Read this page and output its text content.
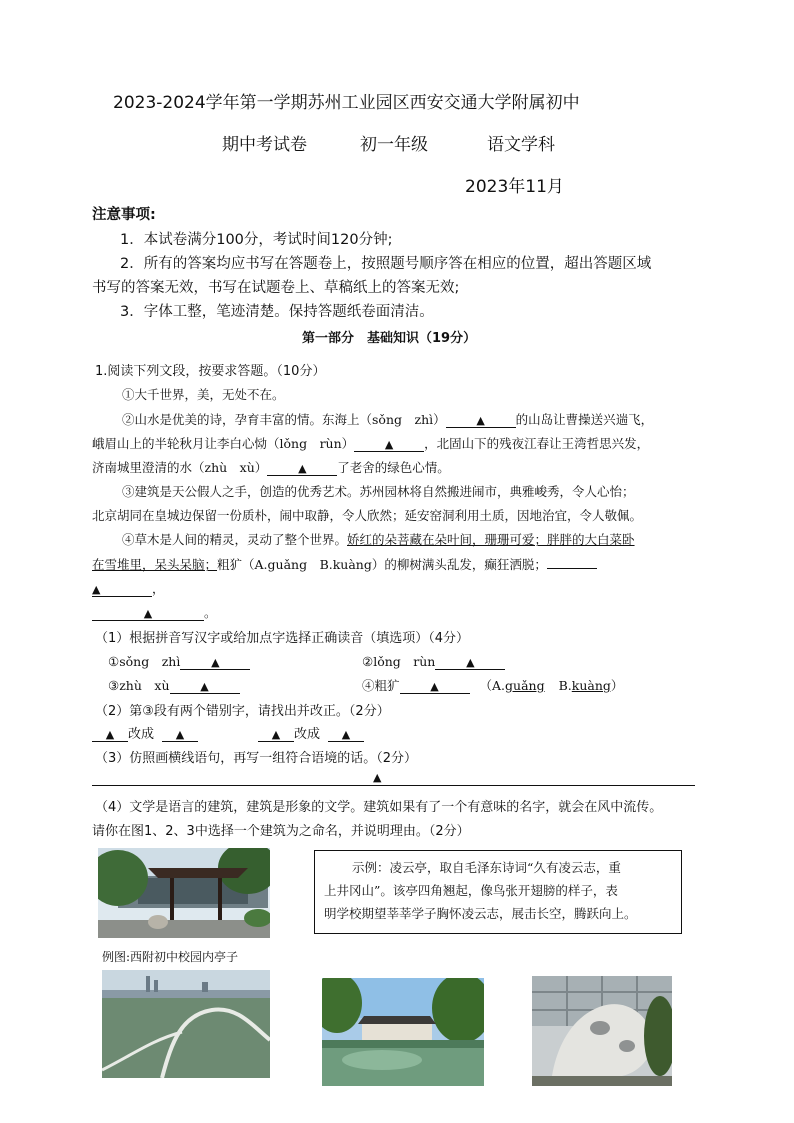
2023-2024学年第一学期苏州工业园区西安交通大学附属初中
期中考试卷	初一年级	语文学科
2023年11月
注意事项:
1．本试卷满分100分，考试时间120分钟;
2．所有的答案均应书写在答题卷上，按照题号顺序答在相应的位置，超出答题区域
书写的答案无效，书写在试题卷上、草稿纸上的答案无效;
3．字体工整，笔迹清楚。保持答题纸卷面清洁。
第一部分　基础知识（19分）
1.阅读下列文段，按要求答题。（10分）
①大千世界，美，无处不在。
②山水是优美的诗，孕育丰富的情。东海上（sǒng　zhì）	▲ 的山岛让曹操送兴遄飞，
峨眉山上的半轮秋月让李白心恸（lǒng　rùn）	▲ ，北固山下的残夜江春让王湾哲思兴发，
济南城里澄清的水（zhù　xù）	▲ 了老舍的绿色心情。
③建筑是天公假人之手，创造的优秀艺术。苏州园林将自然搬进闹市，典雅峻秀，令人心怡；
北京胡同在皇城边保留一份质朴，闹中取静，令人欣然；延安窑洞利用土质，因地治宜，令人敬佩。
④草木是人间的精灵，灵动了整个世界。娇红的朵菩藏在朵叶间，珊珊可爱；胖胖的大白菜卧
在雪堆里，呆头呆脑；粗犷（A.guǎng　B.kuàng）的柳树满头乱发，癫狂洒脱；
▲	，
▲	。
（1）根据拼音写汉字或给加点字选择正确读音（填选项）（4分）
①sǒng　zhì	▲	②lǒng　rùn	▲
③zhù　xù	▲	④粗犷	▲	（A.guǎng B.kuàng）
（2）第③段有两个错别字，请找出并改正。（2分）
▲ 改成 ▲	▲ 改成 ▲
（3）仿照画横线语句，再写一组符合语境的话。（2分）
▲
（4）文学是语言的建筑，建筑是形象的文学。建筑如果有了一个有意味的名字，就会在风中流传。
请你在图1、2、3中选择一个建筑为之命名，并说明理由。（2分）
例图:西附初中校园内亭子
示例：凌云亭，取自毛泽东诗词“久有凌云志，重
上井冈山”。该亭四角翘起，像鸟张开翅膀的样子，表
明学校期望莘莘学子胸怀凌云志，展击长空，腾跃向上。
